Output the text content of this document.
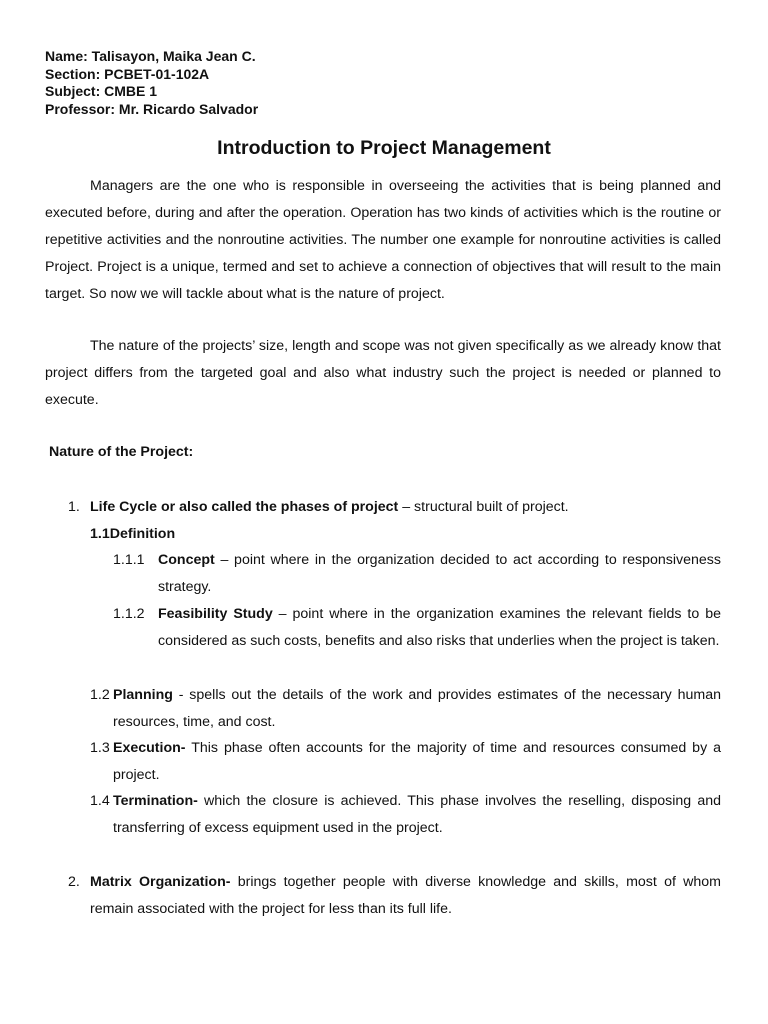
Name: Talisayon, Maika Jean C.
Section: PCBET-01-102A
Subject: CMBE 1
Professor: Mr. Ricardo Salvador
Introduction to Project Management

Managers are the one who is responsible in overseeing the activities that is being planned and executed before, during and after the operation. Operation has two kinds of activities which is the routine or repetitive activities and the nonroutine activities. The number one example for nonroutine activities is called Project. Project is a unique, termed and set to achieve a connection of objectives that will result to the main target. So now we will tackle about what is the nature of project.

The nature of the projects’ size, length and scope was not given specifically as we already know that project differs from the targeted goal and also what industry such the project is needed or planned to execute.

Nature of the Project:
1. Life Cycle or also called the phases of project – structural built of project.

1.1Definition
1.1.1 Concept – point where in the organization decided to act according to responsiveness strategy.

1.1.2 Feasibility Study – point where in the organization examines the relevant fields to be considered as such costs, benefits and also risks that underlies when the project is taken.

1.2 Planning - spells out the details of the work and provides estimates of the necessary human resources, time, and cost.

1.3 Execution- This phase often accounts for the majority of time and resources consumed by a project.

1.4 Termination- which the closure is achieved. This phase involves the reselling, disposing and transferring of excess equipment used in the project.

2. Matrix Organization- brings together people with diverse knowledge and skills, most of whom remain associated with the project for less than its full life.
